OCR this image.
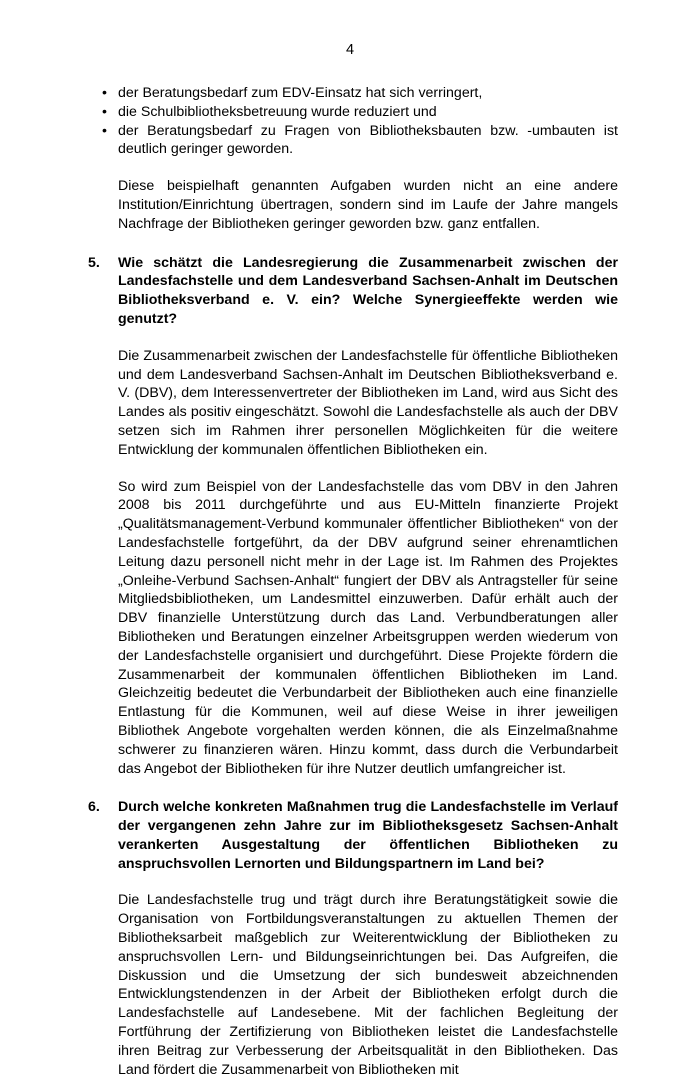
4
• der Beratungsbedarf zum EDV-Einsatz hat sich verringert,
• die Schulbibliotheksbetreuung wurde reduziert und
• der Beratungsbedarf zu Fragen von Bibliotheksbauten bzw. -umbauten ist deutlich geringer geworden.

Diese beispielhaft genannten Aufgaben wurden nicht an eine andere Institution/Einrichtung übertragen, sondern sind im Laufe der Jahre mangels Nachfrage der Bibliotheken geringer geworden bzw. ganz entfallen.

5. Wie schätzt die Landesregierung die Zusammenarbeit zwischen der Landesfachstelle und dem Landesverband Sachsen-Anhalt im Deutschen Bibliotheksverband e. V. ein? Welche Synergieeffekte werden wie genutzt?

Die Zusammenarbeit zwischen der Landesfachstelle für öffentliche Bibliotheken und dem Landesverband Sachsen-Anhalt im Deutschen Bibliotheksverband e. V. (DBV), dem Interessenvertreter der Bibliotheken im Land, wird aus Sicht des Landes als positiv eingeschätzt. Sowohl die Landesfachstelle als auch der DBV setzen sich im Rahmen ihrer personellen Möglichkeiten für die weitere Entwicklung der kommunalen öffentlichen Bibliotheken ein.

So wird zum Beispiel von der Landesfachstelle das vom DBV in den Jahren 2008 bis 2011 durchgeführte und aus EU-Mitteln finanzierte Projekt „Qualitätsmanagement-Verbund kommunaler öffentlicher Bibliotheken“ von der Landesfachstelle fortgeführt, da der DBV aufgrund seiner ehrenamtlichen Leitung dazu personell nicht mehr in der Lage ist. Im Rahmen des Projektes „Onleihe-Verbund Sachsen-Anhalt“ fungiert der DBV als Antragsteller für seine Mitgliedsbibliotheken, um Landesmittel einzuwerben. Dafür erhält auch der DBV finanzielle Unterstützung durch das Land. Verbundberatungen aller Bibliotheken und Beratungen einzelner Arbeitsgruppen werden wiederum von der Landesfachstelle organisiert und durchgeführt. Diese Projekte fördern die Zusammenarbeit der kommunalen öffentlichen Bibliotheken im Land. Gleichzeitig bedeutet die Verbundarbeit der Bibliotheken auch eine finanzielle Entlastung für die Kommunen, weil auf diese Weise in ihrer jeweiligen Bibliothek Angebote vorgehalten werden können, die als Einzelmaßnahme schwerer zu finanzieren wären. Hinzu kommt, dass durch die Verbundarbeit das Angebot der Bibliotheken für ihre Nutzer deutlich umfangreicher ist.

6. Durch welche konkreten Maßnahmen trug die Landesfachstelle im Verlauf der vergangenen zehn Jahre zur im Bibliotheksgesetz Sachsen-Anhalt verankerten Ausgestaltung der öffentlichen Bibliotheken zu anspruchsvollen Lernorten und Bildungspartnern im Land bei?

Die Landesfachstelle trug und trägt durch ihre Beratungstätigkeit sowie die Organisation von Fortbildungsveranstaltungen zu aktuellen Themen der Bibliotheksarbeit maßgeblich zur Weiterentwicklung der Bibliotheken zu anspruchsvollen Lern- und Bildungseinrichtungen bei. Das Aufgreifen, die Diskussion und die Umsetzung der sich bundesweit abzeichnenden Entwicklungstendenzen in der Arbeit der Bibliotheken erfolgt durch die Landesfachstelle auf Landesebene. Mit der fachlichen Begleitung der Fortführung der Zertifizierung von Bibliotheken leistet die Landesfachstelle ihren Beitrag zur Verbesserung der Arbeitsqualität in den Bibliotheken. Das Land fördert die Zusammenarbeit von Bibliotheken mit
